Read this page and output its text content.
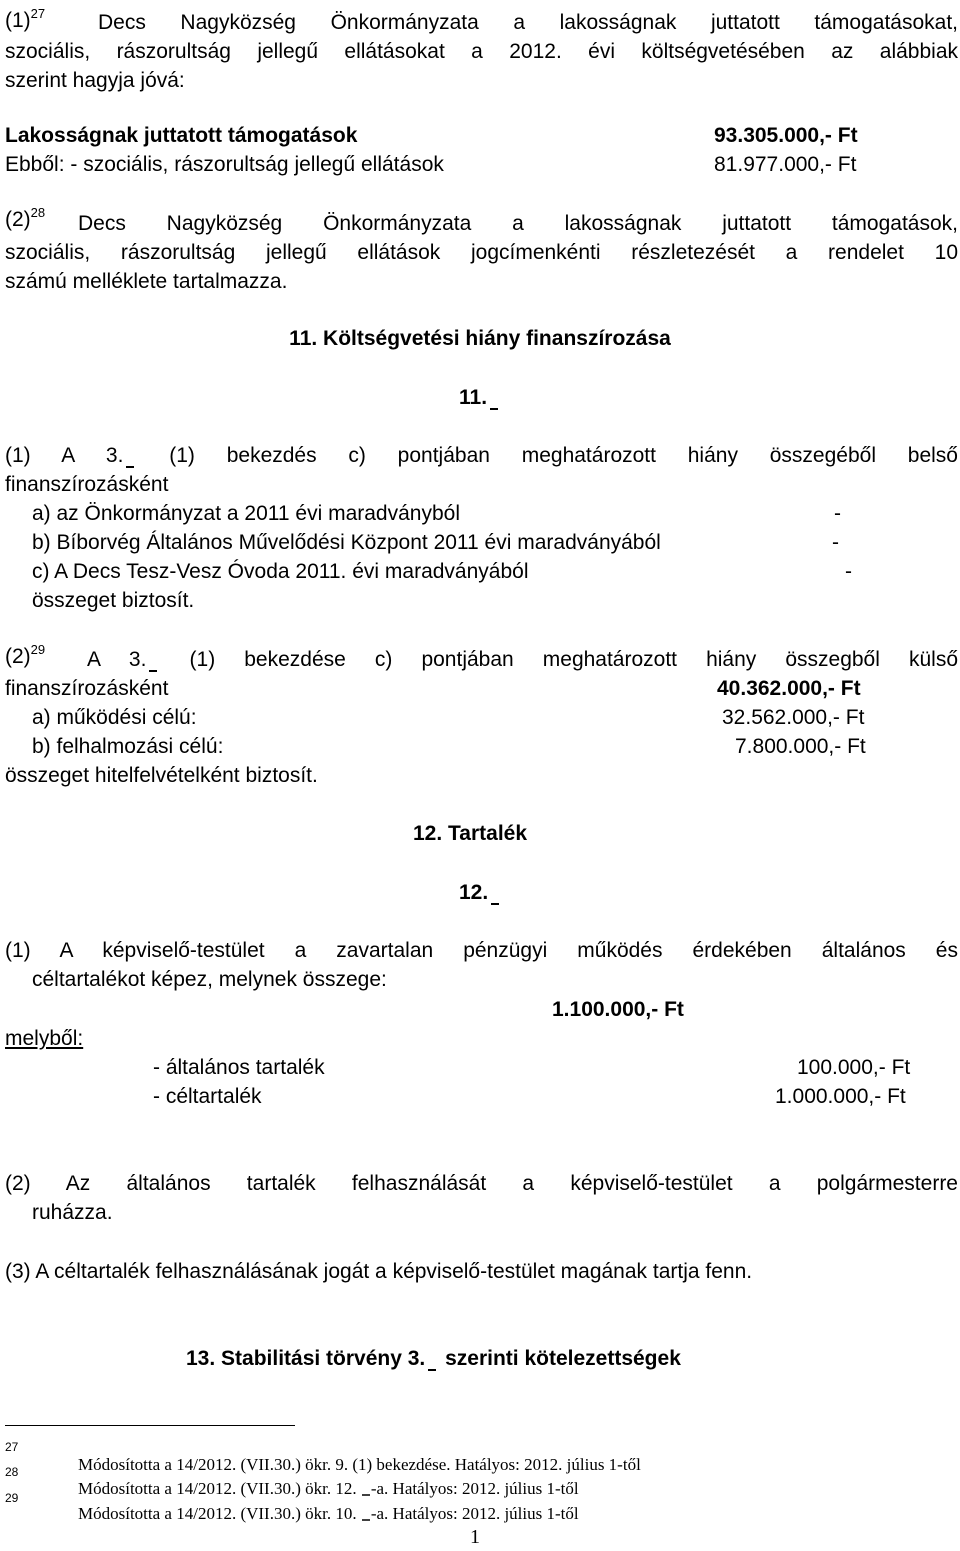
$(1)^{27}$	Decs Nagyközség Önkormányzata a lakosságnak juttatott támogatásokat,
szociális, rászorultság jellegű ellátásokat a 2012. évi költségvetésében az alábbiak
szerint hagyja jóvá:
Lakosságnak juttatott támogatások	93.305.000,- Ft
Ebből: - szociális, rászorultság jellegű ellátások	81.977.000,- Ft
$(2)^{28}$ Decs Nagyközség Önkormányzata a lakosságnak juttatott támogatások,
szociális, rászorultság jellegű ellátások jogcímenkénti részletezését a rendelet 10
számú melléklete tartalmazza.
11. Költségvetési hiány finanszírozása
11.
(1) A 3. (1) bekezdés c) pontjában meghatározott hiány összegéből belső
finanszírozásként
a) az Önkormányzat a 2011 évi maradványból	-
b) Bíborvég Általános Művelődési Központ 2011 évi maradványából	-
c) A Decs Tesz-Vesz Óvoda 2011. évi maradványából	-
összeget biztosít.
$(2)^{29}$ A 3. (1) bekezdése c) pontjában meghatározott hiány összegből külső
finanszírozásként	40.362.000,- Ft
a) működési célú:	32.562.000,- Ft
b) felhalmozási célú:	7.800.000,- Ft
összeget hitelfelvételként biztosít.
12. Tartalék
12.
(1) A képviselő-testület a zavartalan pénzügyi működés érdekében általános és
céltartalékot képez, melynek összege:
1.100.000,- Ft
melyből:
- általános tartalék	100.000,- Ft
- céltartalék	1.000.000,- Ft
(2) Az általános tartalék felhasználását a képviselő-testület a polgármesterre
ruházza.
(3) A céltartalék felhasználásának jogát a képviselő-testület magának tartja fenn.
13. Stabilitási törvény 3. szerinti kötelezettségek
27
Módosította a 14/2012. (VII.30.) ökr. 9. (1) bekezdése. Hatályos: 2012. július 1-től
28
Módosította a 14/2012. (VII.30.) ökr. 12. -a. Hatályos: 2012. július 1-től
29
Módosította a 14/2012. (VII.30.) ökr. 10. -a. Hatályos: 2012. július 1-től
1
